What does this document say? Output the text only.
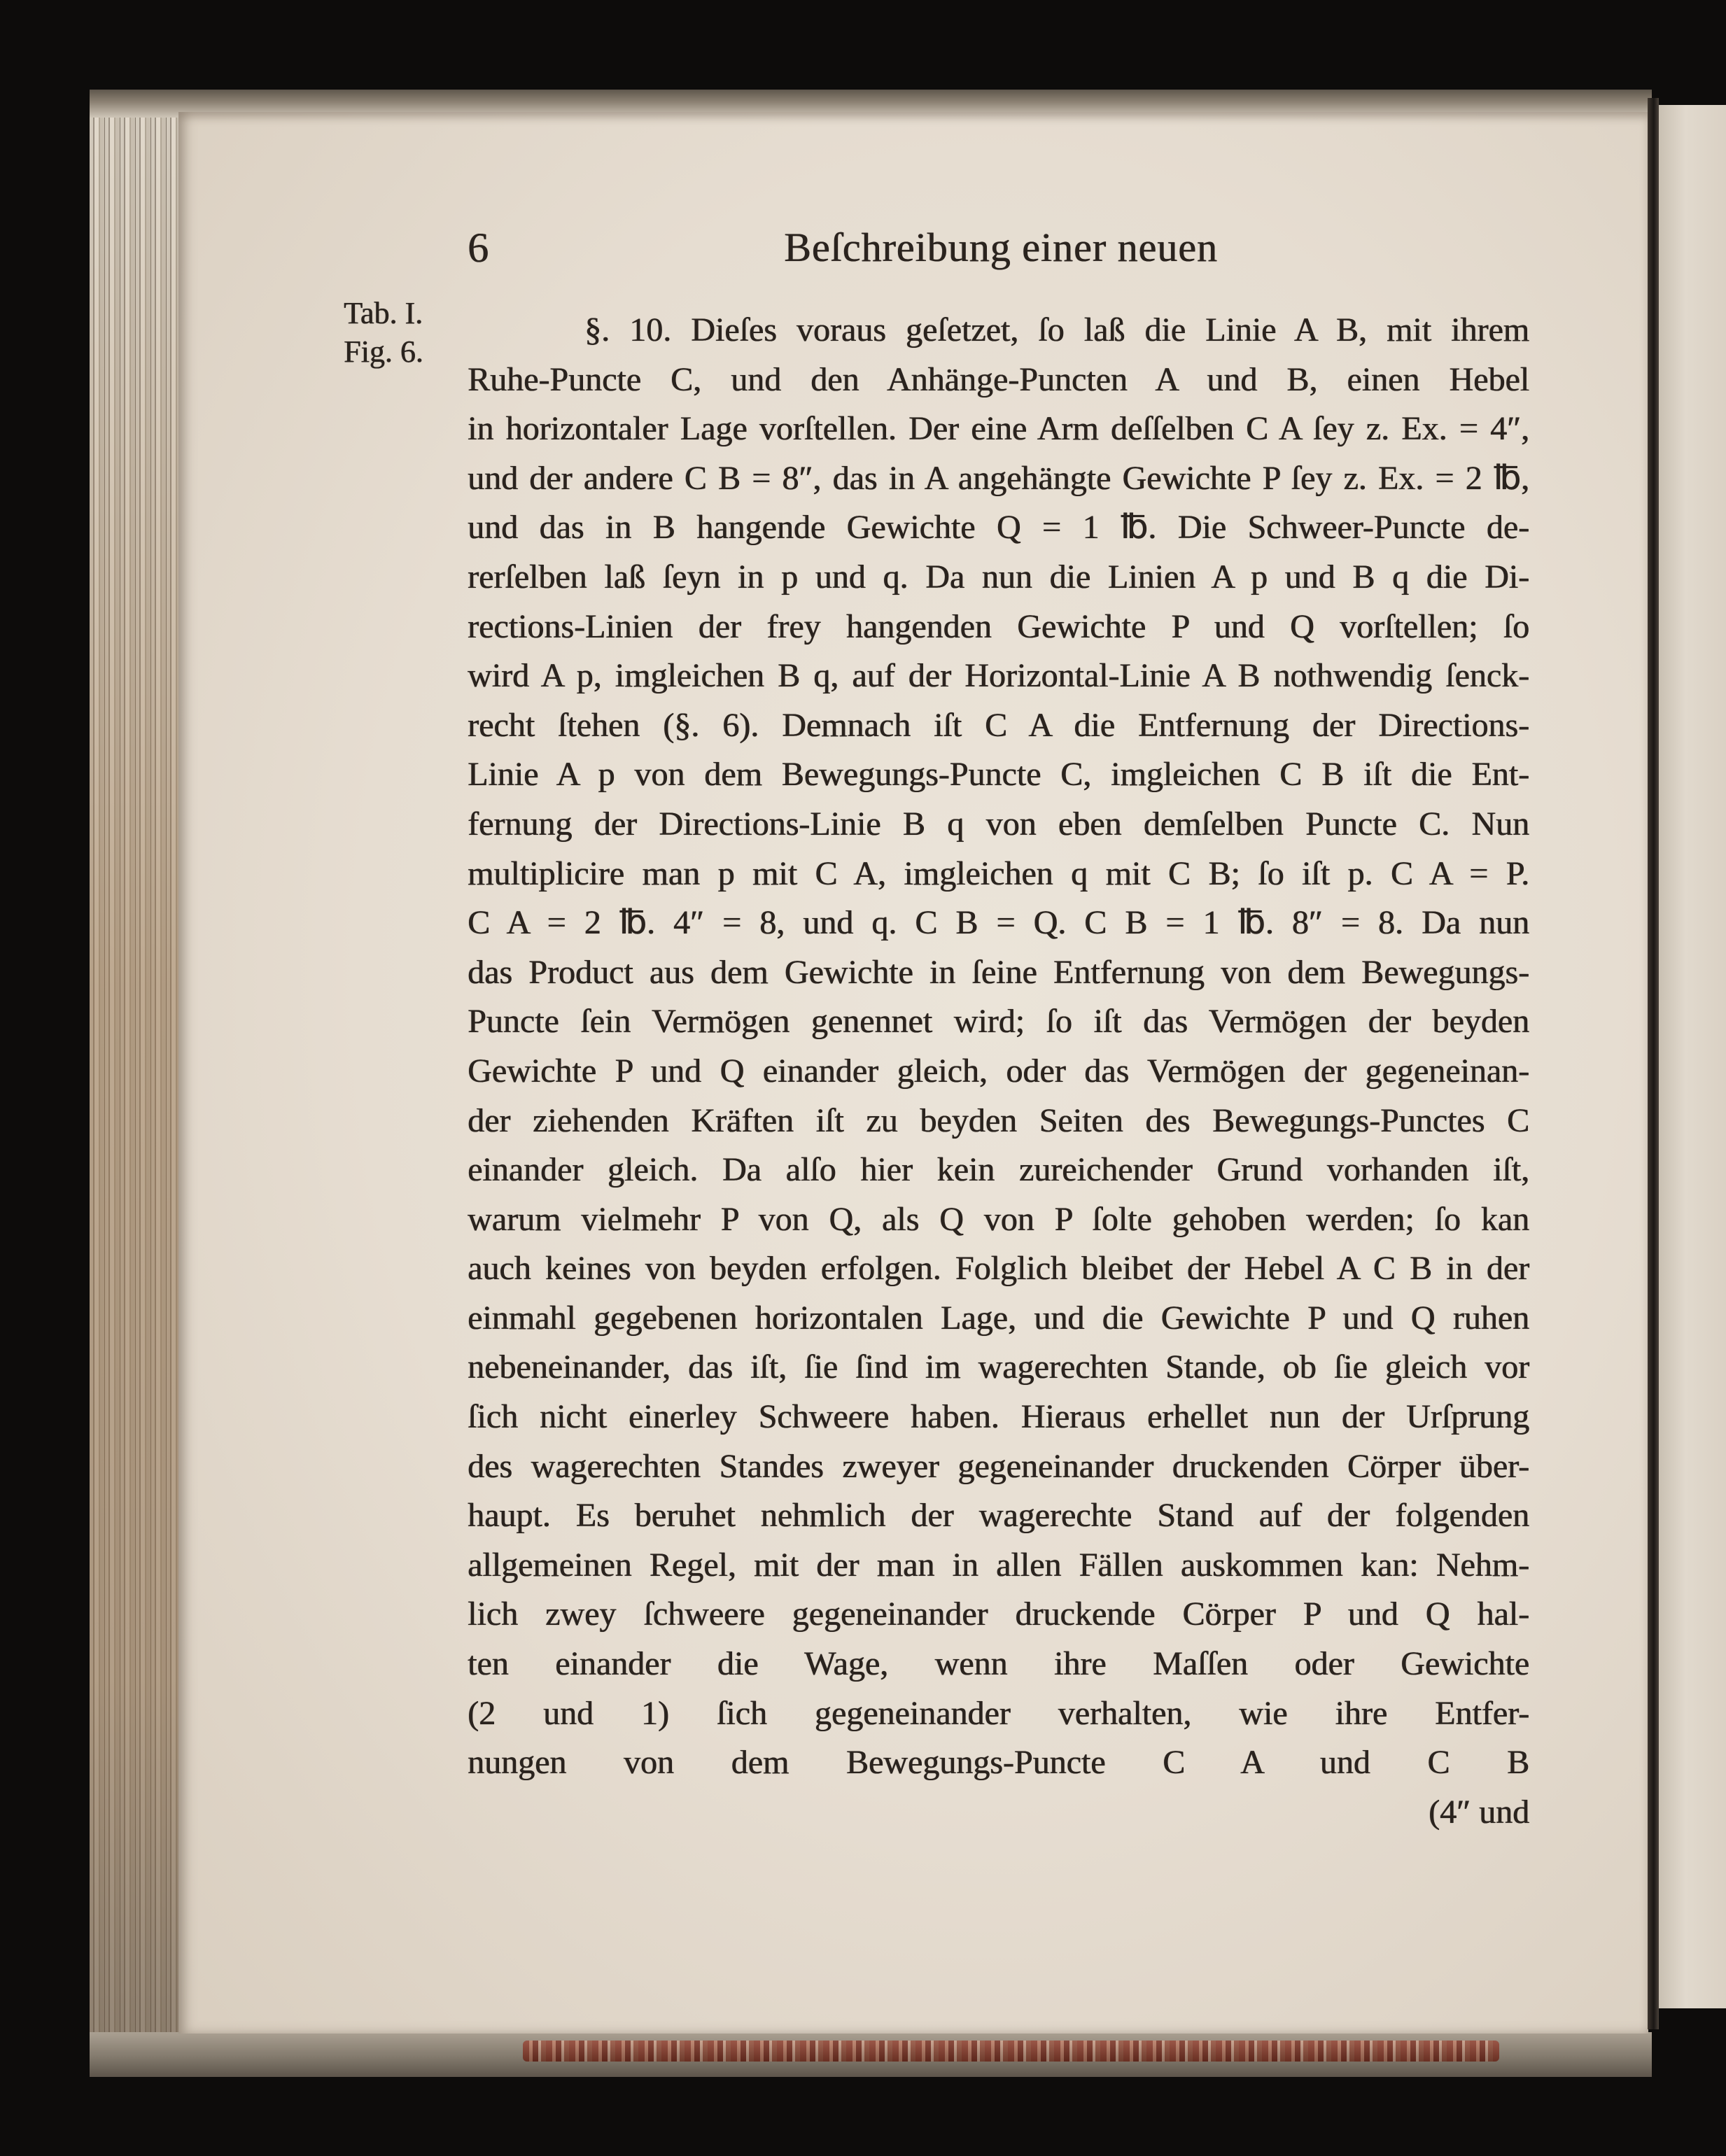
6	Beſchreibung einer neuen
Tab. I.
Fig. 6.
§. 10. Dieſes voraus geſetzet, ſo laß die Linie A B, mit ihrem
Ruhe-Puncte C, und den Anhänge-Puncten A und B, einen Hebel
in horizontaler Lage vorſtellen. Der eine Arm deſſelben C A ſey z. Ex. = 4″,
und der andere C B = 8″, das in A angehängte Gewichte P ſey z. Ex. = 2 ℔,
und das in B hangende Gewichte Q = 1 ℔. Die Schweer-Puncte de-
rerſelben laß ſeyn in p und q. Da nun die Linien A p und B q die Di-
rections-Linien der frey hangenden Gewichte P und Q vorſtellen; ſo
wird A p, imgleichen B q, auf der Horizontal-Linie A B nothwendig ſenck-
recht ſtehen (§. 6). Demnach iſt C A die Entfernung der Directions-
Linie A p von dem Bewegungs-Puncte C, imgleichen C B iſt die Ent-
fernung der Directions-Linie B q von eben demſelben Puncte C. Nun
multiplicire man p mit C A, imgleichen q mit C B; ſo iſt p. C A = P.
C A = 2 ℔. 4″ = 8, und q. C B = Q. C B = 1 ℔. 8″ = 8. Da nun
das Product aus dem Gewichte in ſeine Entfernung von dem Bewegungs-
Puncte ſein Vermögen genennet wird; ſo iſt das Vermögen der beyden
Gewichte P und Q einander gleich, oder das Vermögen der gegeneinan-
der ziehenden Kräften iſt zu beyden Seiten des Bewegungs-Punctes C
einander gleich. Da alſo hier kein zureichender Grund vorhanden iſt,
warum vielmehr P von Q, als Q von P ſolte gehoben werden; ſo kan
auch keines von beyden erfolgen. Folglich bleibet der Hebel A C B in der
einmahl gegebenen horizontalen Lage, und die Gewichte P und Q ruhen
nebeneinander, das iſt, ſie ſind im wagerechten Stande, ob ſie gleich vor
ſich nicht einerley Schweere haben. Hieraus erhellet nun der Urſprung
des wagerechten Standes zweyer gegeneinander druckenden Cörper über-
haupt. Es beruhet nehmlich der wagerechte Stand auf der folgenden
allgemeinen Regel, mit der man in allen Fällen auskommen kan: Nehm-
lich zwey ſchweere gegeneinander druckende Cörper P und Q hal-
ten einander die Wage, wenn ihre Maſſen oder Gewichte
(2 und 1) ſich gegeneinander verhalten, wie ihre Entfer-
nungen von dem Bewegungs-Puncte C A und C B
(4″ und
